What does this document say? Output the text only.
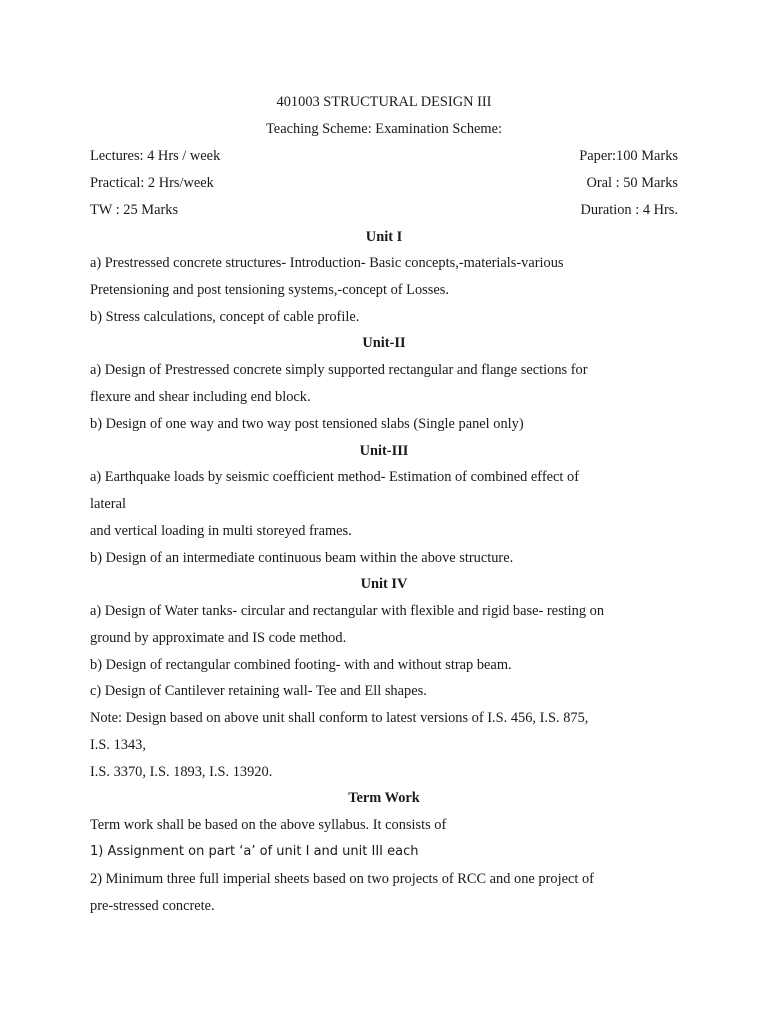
401003 STRUCTURAL DESIGN III
Teaching Scheme: Examination Scheme:
Lectures: 4 Hrs / week	Paper:100 Marks
Practical: 2 Hrs/week	Oral : 50 Marks
TW : 25 Marks	Duration : 4 Hrs.
Unit I
a) Prestressed concrete structures- Introduction- Basic concepts,-materials-various
Pretensioning and post tensioning systems,-concept of Losses.
b) Stress calculations, concept of cable profile.
Unit-II
a) Design of Prestressed concrete simply supported rectangular and flange sections for
flexure and shear including end block.
b) Design of one way and two way post tensioned slabs (Single panel only)
Unit-III
a) Earthquake loads by seismic coefficient method- Estimation of combined effect of
lateral
and vertical loading in multi storeyed frames.
b) Design of an intermediate continuous beam within the above structure.
Unit IV
a) Design of Water tanks- circular and rectangular with flexible and rigid base- resting on
ground by approximate and IS code method.
b) Design of rectangular combined footing- with and without strap beam.
c) Design of Cantilever retaining wall- Tee and Ell shapes.
Note: Design based on above unit shall conform to latest versions of I.S. 456, I.S. 875,
I.S. 1343,
I.S. 3370, I.S. 1893, I.S. 13920.
Term Work
Term work shall be based on the above syllabus. It consists of
1) Assignment on part ‘a’ of unit I and unit III each
2) Minimum three full imperial sheets based on two projects of RCC and one project of
pre-stressed concrete.
